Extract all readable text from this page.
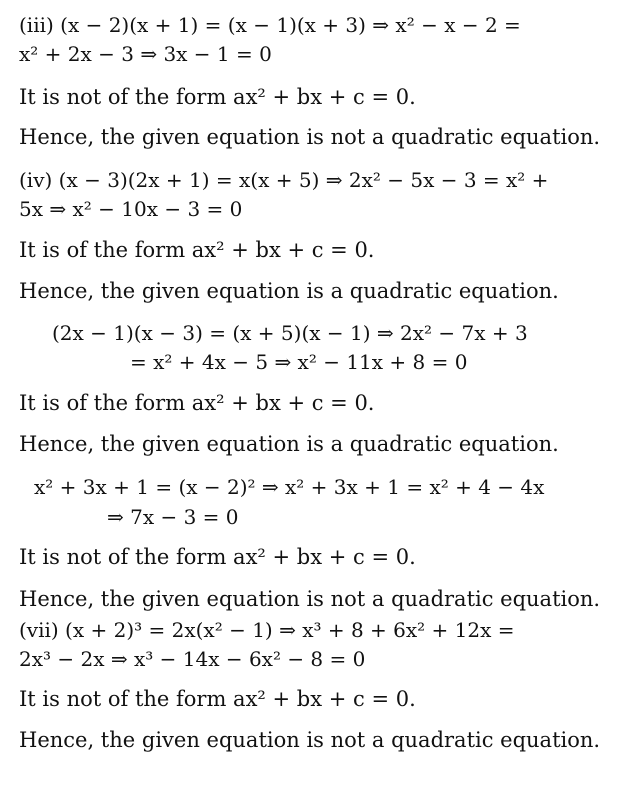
(iii) (x − 2)(x + 1) = (x − 1)(x + 3) ⇒ x² − x − 2 =
x² + 2x − 3 ⇒ 3x − 1 = 0
It is not of the form ax² + bx + c = 0.
Hence, the given equation is not a quadratic equation.
(iv) (x − 3)(2x + 1) = x(x + 5) ⇒ 2x² − 5x − 3 = x² +
5x ⇒ x² − 10x − 3 = 0
It is of the form ax² + bx + c = 0.
Hence, the given equation is a quadratic equation.
(2x − 1)(x − 3) = (x + 5)(x − 1) ⇒ 2x² − 7x + 3
= x² + 4x − 5 ⇒ x² − 11x + 8 = 0
It is of the form ax² + bx + c = 0.
Hence, the given equation is a quadratic equation.
x² + 3x + 1 = (x − 2)² ⇒ x² + 3x + 1 = x² + 4 − 4x
⇒ 7x − 3 = 0
It is not of the form ax² + bx + c = 0.
Hence, the given equation is not a quadratic equation.
(vii) (x + 2)³ = 2x(x² − 1) ⇒ x³ + 8 + 6x² + 12x =
2x³ − 2x ⇒ x³ − 14x − 6x² − 8 = 0
It is not of the form ax² + bx + c = 0.
Hence, the given equation is not a quadratic equation.
